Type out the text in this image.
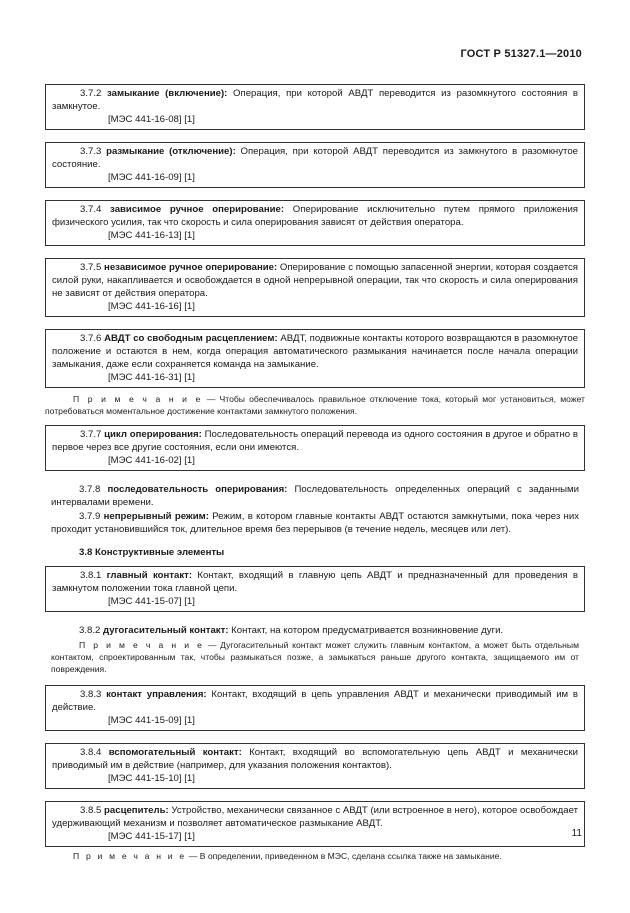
ГОСТ Р 51327.1—2010

3.7.2 замыкание (включение): Операция, при которой АВДТ переводится из разомкнутого состояния в замкнутое.

[МЭС 441-16-08] [1]

3.7.3 размыкание (отключение): Операция, при которой АВДТ переводится из замкнутого в разомкнутое состояние.

[МЭС 441-16-09] [1]

3.7.4 зависимое ручное оперирование: Оперирование исключительно путем прямого приложения физического усилия, так что скорость и сила оперирования зависят от действия оператора.

[МЭС 441-16-13] [1]

3.7.5 независимое ручное оперирование: Оперирование с помощью запасенной энергии, которая создается силой руки, накапливается и освобождается в одной непрерывной операции, так что скорость и сила оперирования не зависят от действия оператора.

[МЭС 441-16-16] [1]

3.7.6 АВДТ со свободным расцеплением: АВДТ, подвижные контакты которого возвращаются в разомкнутое положение и остаются в нем, когда операция автоматического размыкания начинается после начала операции замыкания, даже если сохраняется команда на замыкание.

[МЭС 441-16-31] [1]

П р и м е ч а н и е — Чтобы обеспечивалось правильное отключение тока, который мог установиться, может потребоваться моментальное достижение контактами замкнутого положения.

3.7.7 цикл оперирования: Последовательность операций перевода из одного состояния в другое и обратно в первое через все другие состояния, если они имеются.

[МЭС 441-16-02] [1]

3.7.8 последовательность оперирования: Последовательность определенных операций с заданными интервалами времени.

3.7.9 непрерывный режим: Режим, в котором главные контакты АВДТ остаются замкнутыми, пока через них проходит установившийся ток, длительное время без перерывов (в течение недель, месяцев или лет).

3.8 Конструктивные элементы

3.8.1 главный контакт: Контакт, входящий в главную цепь АВДТ и предназначенный для проведения в замкнутом положении тока главной цепи.

[МЭС 441-15-07] [1]

3.8.2 дугогасительный контакт: Контакт, на котором предусматривается возникновение дуги.

П р и м е ч а н и е — Дугогасительный контакт может служить главным контактом, а может быть отдельным контактом, спроектированным так, чтобы размыкаться позже, а замыкаться раньше другого контакта, защищаемого им от повреждения.

3.8.3 контакт управления: Контакт, входящий в цепь управления АВДТ и механически приводимый им в действие.

[МЭС 441-15-09] [1]

3.8.4 вспомогательный контакт: Контакт, входящий во вспомогательную цепь АВДТ и механически приводимый им в действие (например, для указания положения контактов).

[МЭС 441-15-10] [1]

3.8.5 расцепитель: Устройство, механически связанное с АВДТ (или встроенное в него), которое освобождает удерживающий механизм и позволяет автоматическое размыкание АВДТ.

[МЭС 441-15-17] [1]

П р и м е ч а н и е — В определении, приведенном в МЭС, сделана ссылка также на замыкание.
11
